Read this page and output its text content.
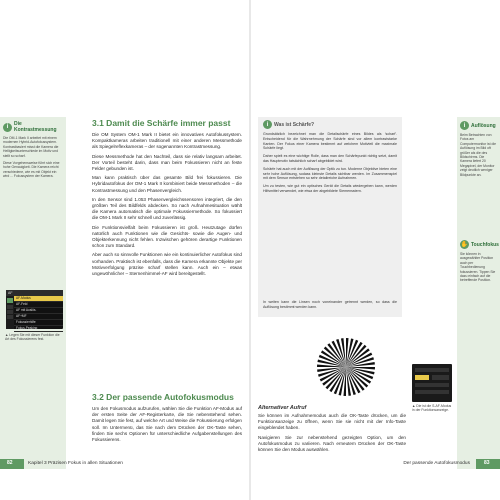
i	Die Kontrastmessung
Die OM-1 Mark II arbeitet mit einem modernen Hybrid-Autofokussystem. Kontrastbasiert misst die Kamera die Helligkeitsunterschiede im Motiv und stellt so scharf.
Diese Vorgehensweise führt sich eine hohe Genauigkeit. Die Kamera reicht verschiedene, wie es mit Objekt ein wird ... Fokussystem der Kamera.
AF
AF-Modus
AF-Feld
AF mit Auslös.
AF+MF
Fokussierhilfe
Fokus-Peaking
▲ Legen Sie mit dieser Funktion die Art des Fokussierens fest.
3.1 Damit die Schärfe immer passt

Die OM System OM-1 Mark II bietet ein innovatives Autofokussystem. Kompaktkameras arbeiten traditionell mit einer anderen Messmethode als Spiegelreflexkameras – der sogenannten Kontrastmessung.

Diese Messmethode hat den Nachteil, dass sie relativ langsam arbeitet. Der Vorteil besteht darin, dass man beim Fokussieren nicht an feste Felder gebunden ist.

Man kann praktisch über das gesamte Bild frei fokussieren. Die Hybridautofokus der OM-1 Mark II kombiniert beide Messmethoden – die Kontrastmessung und den Phasenvergleich.

In den Sensor sind 1.053 Phasenvergleichssensoren integriert, die den größten Teil des Bildfelds abdecken. So nach Aufnahmesituation wählt die Kamera automatisch die optimale Fokussiermethode. So fokussiert die OM-1 Mark II sehr schnell und zuverlässig.

Die Funktionsvielfalt beim Fokussieren ist groß. Heutzutage dürfen natürlich auch Funktionen wie die Gesichts- sowie die Augen- und Objekterkennung nicht fehlen. Inzwischen gehören derartige Funktionen schon zum Standard.

Aber auch so sinnvolle Funktionen wie ein kontinuierlicher Autofokus sind vorhanden. Praktisch ist ebenfalls, dass die Kamera erkannte Objekte per Motivverfolgung präzise scharf stellen kann. Auch ein – etwas ungewöhnlicher – Sternenhimmel-AF wird bereitgestellt.

3.2 Der passende Autofokusmodus

Um den Fokusmodus aufzurufen, wählen Sie die Funktion AF-Modus auf der ersten Seite der AF-Registerkarte, die Sie nebenstehend sehen. Damit legen Sie fest, auf welche Art und Weise die Fokussierung erfolgen soll. Im Untermenü, das Sie nach dem Drücken der OK-Taste sehen, finden Sie sechs Optionen für unterschiedliche Aufgabenstellungen des Fokussierens.

82	Kapitel 3 Präzisen Fokus in allen Situationen
i	Was ist Schärfe?
Grundsätzlich bezeichnet man die Detailschärfe eines Bildes als 'scharf'. Entscheidend für die Wahrnehmung der Schärfe sind vor allem kontraststarke Kanten. Der Fokus einer Kamera bestimmt auf welchem Motivteil die maximale Schärfe liegt.
Daher spielt es eine wichtige Rolle, dass man den Schärfepunkt richtig setzt, damit das Hauptmotiv tatsächlich scharf abgebildet wird.
Schärfe hat auch mit der Auflösung der Optik zu tun. Moderne Objektive bieten eine sehr hohe Auflösung, sodass kleinste Details sichtbar werden. Im Zusammenspiel mit dem Sensor entstehen so sehr detailreiche Aufnahmen.
Um zu testen, wie gut ein optisches Gerät die Details wiedergeben kann, werden Hilfsmittel verwendet, wie etwa der abgebildete Siemensstern.
In weiten kann die Linsen noch voneinander getrennt werden, so dass die Auflösung bestimmt werden kann.
i	Auflösung
Beim Betrachten von Fotos am Computermonitor ist die Auflösung im Bild oft größer als die des Bildschirms. Die Kamera liefert 20 Megapixel, der Monitor zeigt deutlich weniger Bildpunkte an.
✋ Touchfokus
Sie können in ausgewählter Position auch per Touchbedienung fokussieren. Tippen Sie dazu einfach auf die betreffende Position.
▲ Die ist die S-AF-Modus in der Funktionsanzeige.
Alternativer Aufruf

Sie können im Aufnahmemodus auch die OK-Taste drücken, um die Funktionsanzeige zu öffnen, wenn Sie sie nicht mit der Info-Taste eingeblendet haben.

Navigieren Sie zur nebenstehend gezeigten Option, um den Autofokusmodus zu variieren. Nach erneutem Drücken der OK-Taste können Sie den Modus auswählen.

Der passende Autofokusmodus	83
